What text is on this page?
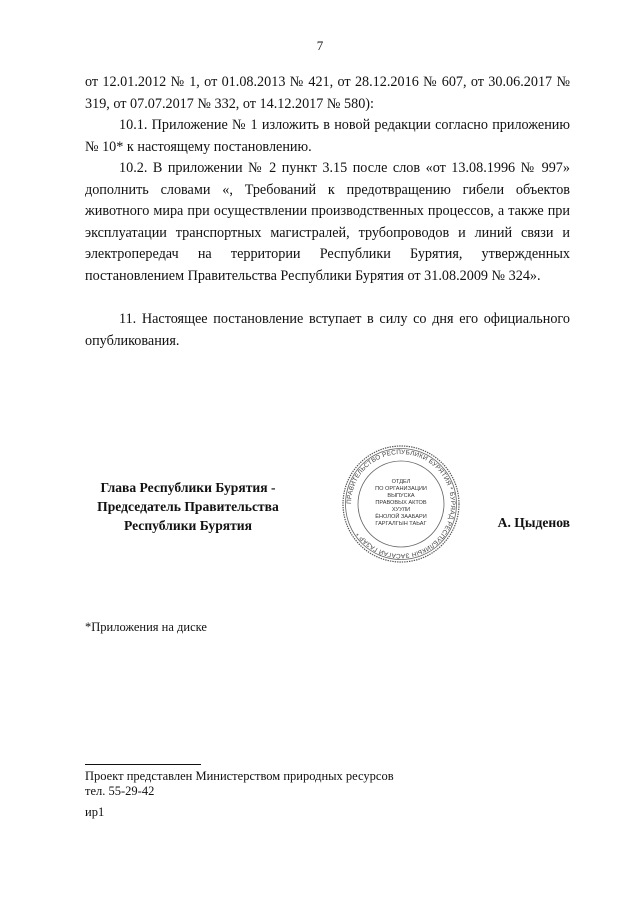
7

от 12.01.2012 № 1, от 01.08.2013 № 421, от 28.12.2016 № 607, от 30.06.2017 № 319, от 07.07.2017 № 332, от 14.12.2017 № 580):

10.1. Приложение № 1 изложить в новой редакции согласно приложению № 10* к настоящему постановлению.

10.2. В приложении № 2 пункт 3.15 после слов «от 13.08.1996 № 997» дополнить словами «, Требований к предотвращению гибели объектов животного мира при осуществлении производственных процессов, а также при эксплуатации транспортных магистралей, трубопроводов и линий связи и электропередач на территории Республики Бурятия, утвержденных постановлением Правительства Республики Бурятия от 31.08.2009 № 324».

11. Настоящее постановление вступает в силу со дня его официального опубликования.

Глава Республики Бурятия -
Председатель Правительства
Республики Бурятия
ПРАВИТЕЛЬСТВО РЕСПУБЛИКИ БУРЯТИЯ * БУРЯАД РЕСПУБЛИКЫН ЗАСАГАЙ ГАЗАР *
ОТДЕЛ
ПО ОРГАНИЗАЦИИ
ВЫПУСКА
ПРАВОВЫХ АКТОВ
ХУУЛИ
ЁНОЛОЙ ЗААБАРИ
ГАРГАЛГЫН ТАЬАГ	А. Цыденов
*Приложения на диске
Проект представлен Министерством природных ресурсов
тел. 55-29-42
ир1
